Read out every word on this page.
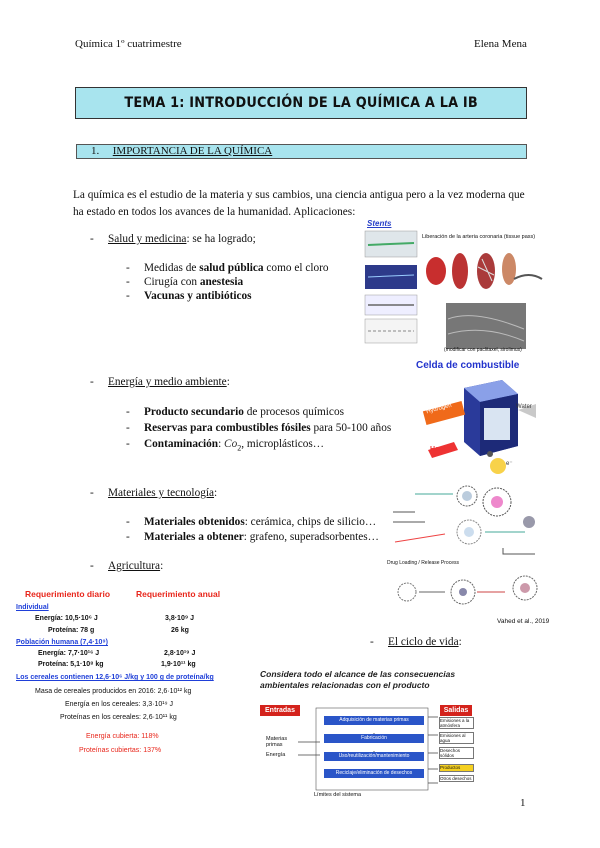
Química 1º cuatrimestre	Elena Mena
TEMA 1: INTRODUCCIÓN DE LA QUÍMICA A LA IB
1. IMPORTANCIA DE LA QUÍMICA

La química es el estudio de la materia y sus cambios, una ciencia antigua pero a la vez moderna que ha estado en todos los avances de la humanidad. Aplicaciones:

- Salud y medicina: se ha logrado;
- Medidas de salud pública como el cloro
- Cirugía con anestesia
- Vacunas y antibióticos
Stents
Liberación de la arteria coronaria (tissue pass)
(modificar con paclitaxel, sirolimus)
- Energía y medio ambiente:
- Producto secundario de procesos químicos
- Reservas para combustibles fósiles para 50-100 años
- Contaminación: $Co_2$, microplásticos…
Celda de combustible
Hydrogen	Water
Heat
e⁻
- Materiales y tecnología:
- Materiales obtenidos: cerámica, chips de silicio…
- Materiales a obtener: grafeno, superadsorbentes…
Drug Loading / Release Process
Vahed et al., 2019
- Agricultura:
Requerimiento diario	Requerimiento anual
Individual
Energía: 10,5·10⁶ J	3,8·10⁹ J
Proteína: 78 g	26 kg
Población humana (7,4·10⁹)
Energía: 7,7·10¹⁶ J	2,8·10¹⁹ J
Proteína: 5,1·10⁸ kg	1,9·10¹¹ kg
Los cereales contienen 12,6·10⁶ J/kg y 100 g de proteína/kg
Masa de cereales producidos en 2016: 2,6·10¹² kg
Energía en los cereales: 3,3·10¹⁹ J
Proteínas en los cereales: 2,6·10¹¹ kg
Energía cubierta: 118%
Proteínas cubiertas: 137%
- El ciclo de vida:
Considera todo el alcance de las consecuencias ambientales relacionadas con el producto
Entradas	Salidas
Materias primas
Energía
Adquisición de materias primas
Fabricación
Uso/reutilización/mantenimiento
Reciclaje/eliminación de desechos
Emisiones a la atmósfera
Emisiones al agua
Desechos sólidos
Productos
Otros desechos
Límites del sistema
1
